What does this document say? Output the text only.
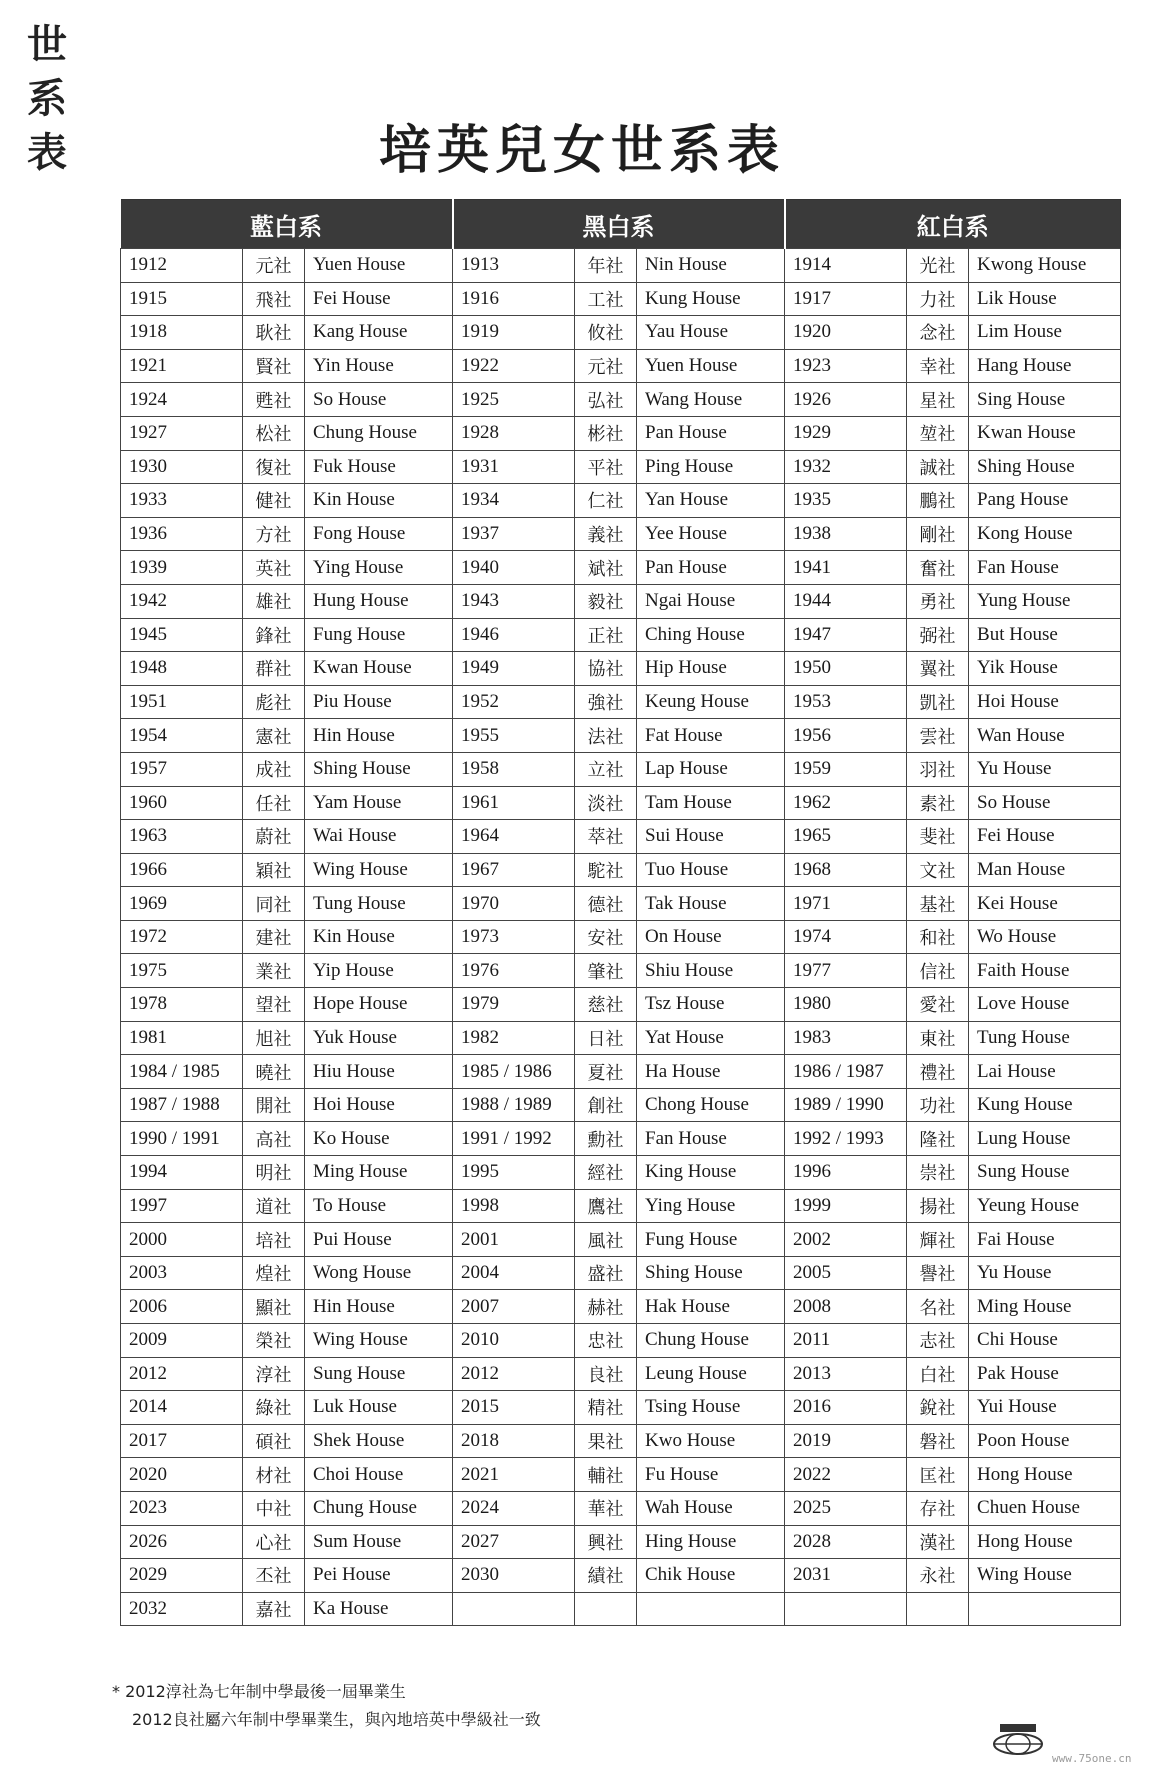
世
系
表	培英兒女世系表
藍白系			黑白系			紅白系		
1912	元社	Yuen House	1913	年社	Nin House	1914	光社	Kwong House
1915	飛社	Fei House	1916	工社	Kung House	1917	力社	Lik House
1918	耿社	Kang House	1919	攸社	Yau House	1920	念社	Lim House
1921	賢社	Yin House	1922	元社	Yuen House	1923	幸社	Hang House
1924	甦社	So House	1925	弘社	Wang House	1926	星社	Sing House
1927	松社	Chung House	1928	彬社	Pan House	1929	堃社	Kwan House
1930	復社	Fuk House	1931	平社	Ping House	1932	誠社	Shing House
1933	健社	Kin House	1934	仁社	Yan House	1935	鵬社	Pang House
1936	方社	Fong House	1937	義社	Yee House	1938	剛社	Kong House
1939	英社	Ying House	1940	斌社	Pan House	1941	奮社	Fan House
1942	雄社	Hung House	1943	毅社	Ngai House	1944	勇社	Yung House
1945	鋒社	Fung House	1946	正社	Ching House	1947	弼社	But House
1948	群社	Kwan House	1949	協社	Hip House	1950	翼社	Yik House
1951	彪社	Piu House	1952	強社	Keung House	1953	凱社	Hoi House
1954	憲社	Hin House	1955	法社	Fat House	1956	雲社	Wan House
1957	成社	Shing House	1958	立社	Lap House	1959	羽社	Yu House
1960	任社	Yam House	1961	淡社	Tam House	1962	素社	So House
1963	蔚社	Wai House	1964	萃社	Sui House	1965	斐社	Fei House
1966	穎社	Wing House	1967	駝社	Tuo House	1968	文社	Man House
1969	同社	Tung House	1970	德社	Tak House	1971	基社	Kei House
1972	建社	Kin House	1973	安社	On House	1974	和社	Wo House
1975	業社	Yip House	1976	肇社	Shiu House	1977	信社	Faith House
1978	望社	Hope House	1979	慈社	Tsz House	1980	愛社	Love House
1981	旭社	Yuk House	1982	日社	Yat House	1983	東社	Tung House
1984 / 1985	曉社	Hiu House	1985 / 1986	夏社	Ha House	1986 / 1987	禮社	Lai House
1987 / 1988	開社	Hoi House	1988 / 1989	創社	Chong House	1989 / 1990	功社	Kung House
1990 / 1991	高社	Ko House	1991 / 1992	勳社	Fan House	1992 / 1993	隆社	Lung House
1994	明社	Ming House	1995	經社	King House	1996	崇社	Sung House
1997	道社	To House	1998	鷹社	Ying House	1999	揚社	Yeung House
2000	培社	Pui House	2001	風社	Fung House	2002	輝社	Fai House
2003	煌社	Wong House	2004	盛社	Shing House	2005	譽社	Yu House
2006	顯社	Hin House	2007	赫社	Hak House	2008	名社	Ming House
2009	榮社	Wing House	2010	忠社	Chung House	2011	志社	Chi House
2012	淳社	Sung House	2012	良社	Leung House	2013	白社	Pak House
2014	綠社	Luk House	2015	精社	Tsing House	2016	銳社	Yui House
2017	碩社	Shek House	2018	果社	Kwo House	2019	磐社	Poon House
2020	材社	Choi House	2021	輔社	Fu House	2022	匡社	Hong House
2023	中社	Chung House	2024	華社	Wah House	2025	存社	Chuen House
2026	心社	Sum House	2027	興社	Hing House	2028	漢社	Hong House
2029	丕社	Pei House	2030	績社	Chik House	2031	永社	Wing House
2032	嘉社	Ka House						
* 2012淳社為七年制中學最後一屆畢業生
2012良社屬六年制中學畢業生，與內地培英中學級社一致
www.75one.cn
